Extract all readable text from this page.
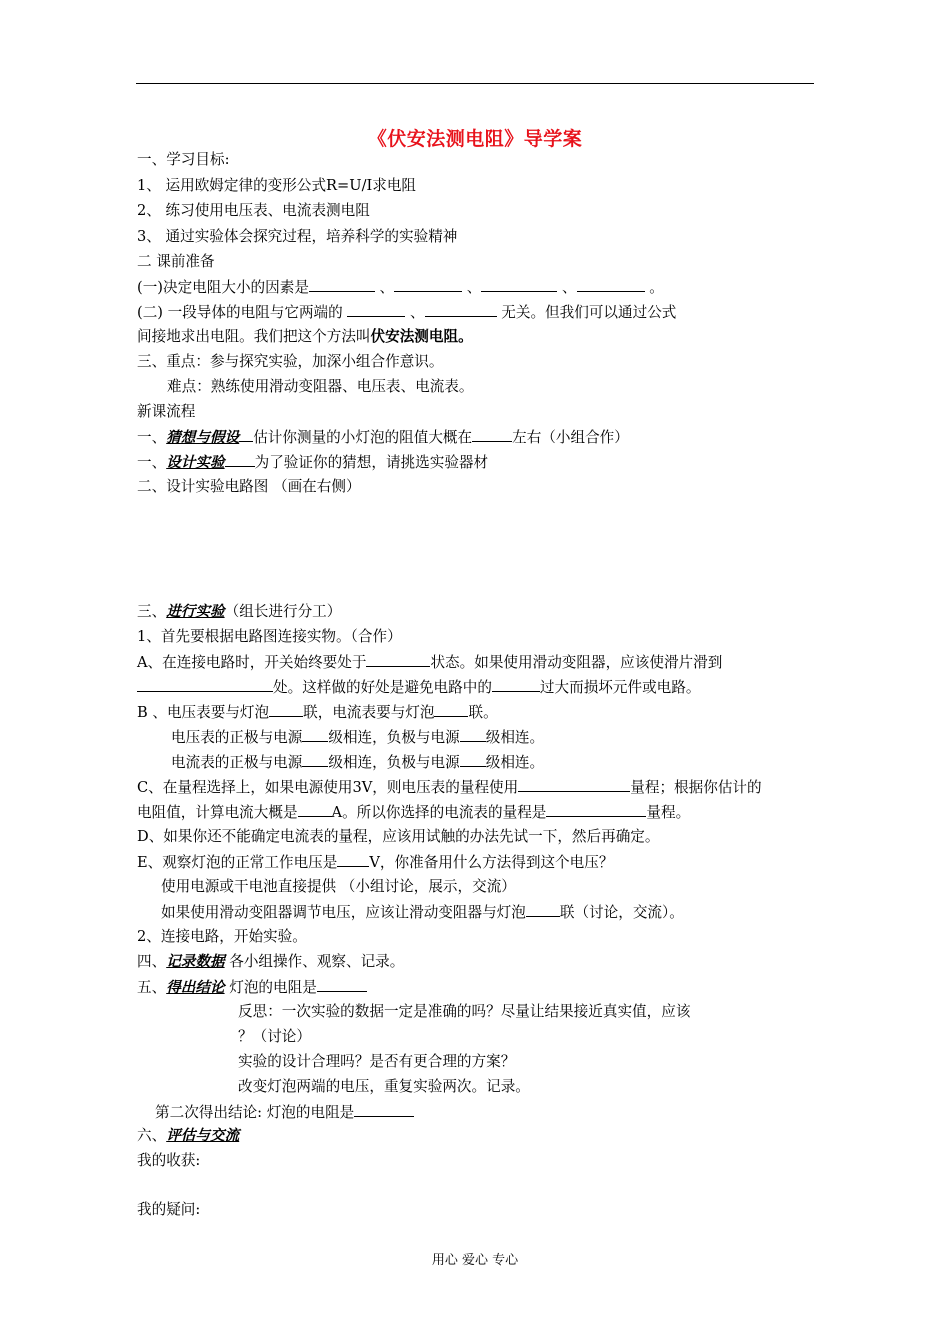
《伏安法测电阻》导学案
一、学习目标:
1、 运用欧姆定律的变形公式R=U/I求电阻
2、 练习使用电压表、电流表测电阻
3、 通过实验体会探究过程，培养科学的实验精神
二 课前准备
(一)决定电阻大小的因素是	、	、	、	。
(二) 一段导体的电阻与它两端的	、	无关。但我们可以通过公式
间接地求出电阻。我们把这个方法叫伏安法测电阻。
三、重点：参与探究实验，加深小组合作意识。
难点：熟练使用滑动变阻器、电压表、电流表。
新课流程
一、猜想与假设 估计你测量的小灯泡的阻值大概在	左右（小组合作）
一、设计实验 为了验证你的猜想，请挑选实验器材
二、设计实验电路图 （画在右侧）
三、进行实验（组长进行分工）
1、首先要根据电路图连接实物。（合作）
A、在连接电路时，开关始终要处于	状态。如果使用滑动变阻器，应该使滑片滑到
处。这样做的好处是避免电路中的	过大而损坏元件或电路。
B 、电压表要与灯泡 联，电流表要与灯泡 联。
电压表的正极与电源 级相连，负极与电源 级相连。
电流表的正极与电源 级相连，负极与电源 级相连。
C、在量程选择上，如果电源使用3V，则电压表的量程使用	量程；根据你估计的
电阻值，计算电流大概是 A。所以你选择的电流表的量程是	量程。
D、如果你还不能确定电流表的量程，应该用试触的办法先试一下，然后再确定。
E、观察灯泡的正常工作电压是 V，你准备用什么方法得到这个电压？
使用电源或干电池直接提供 （小组讨论，展示，交流）
如果使用滑动变阻器调节电压，应该让滑动变阻器与灯泡 联（讨论，交流）。
2、连接电路，开始实验。
四、记录数据 各小组操作、观察、记录。
五、得出结论 灯泡的电阻是
反思：一次实验的数据一定是准确的吗？尽量让结果接近真实值，应该
？（讨论）
实验的设计合理吗？是否有更合理的方案？
改变灯泡两端的电压，重复实验两次。记录。
第二次得出结论: 灯泡的电阻是
六、评估与交流
我的收获:
我的疑问:
用心 爱心 专心
